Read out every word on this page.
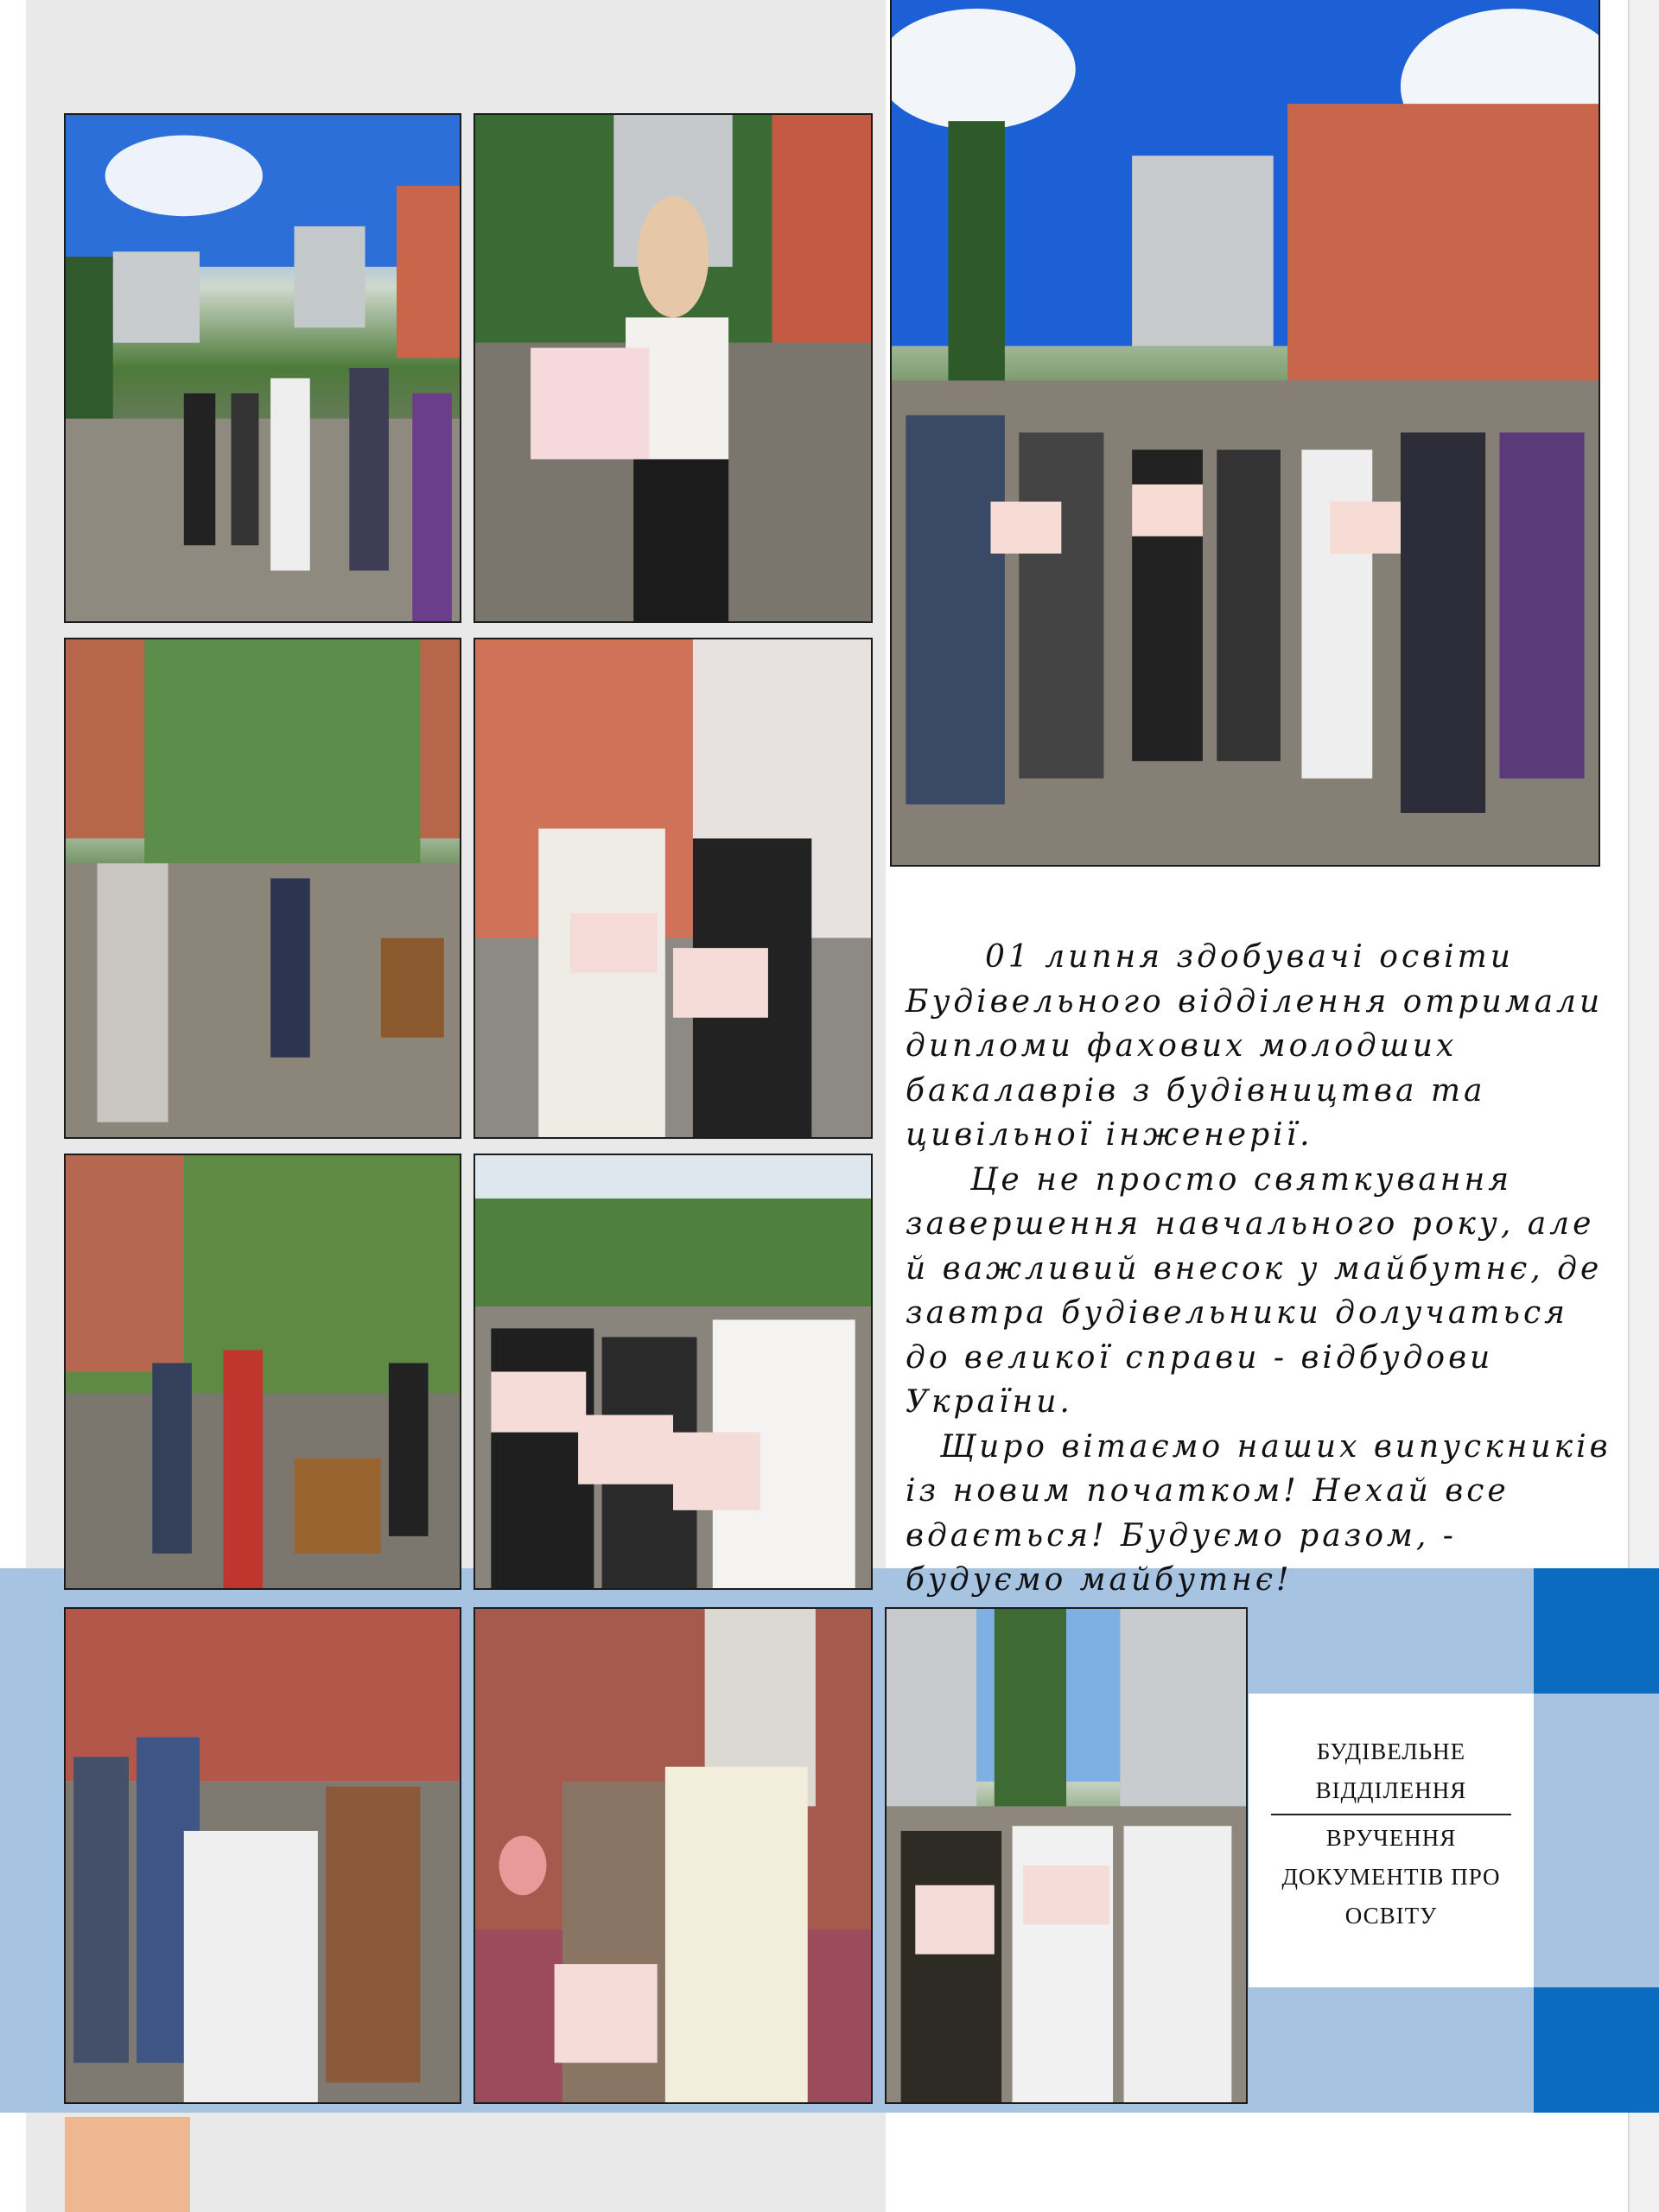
01 липня здобувачі освіти Будівельного відділення отримали дипломи фахових молодших бакалаврів з будівництва та цивільної інженерії.

Це не просто святкування завершення навчального року, але й важливий внесок у майбутнє, де завтра будівельники долучаться до великої справи - відбудови України.

Щиро вітаємо наших випускників із новим початком! Нехай все вдається! Будуємо разом, - будуємо майбутнє!

БУДІВЕЛЬНЕ ВІДДІЛЕННЯ
ВРУЧЕННЯ ДОКУМЕНТІВ ПРО ОСВІТУ
